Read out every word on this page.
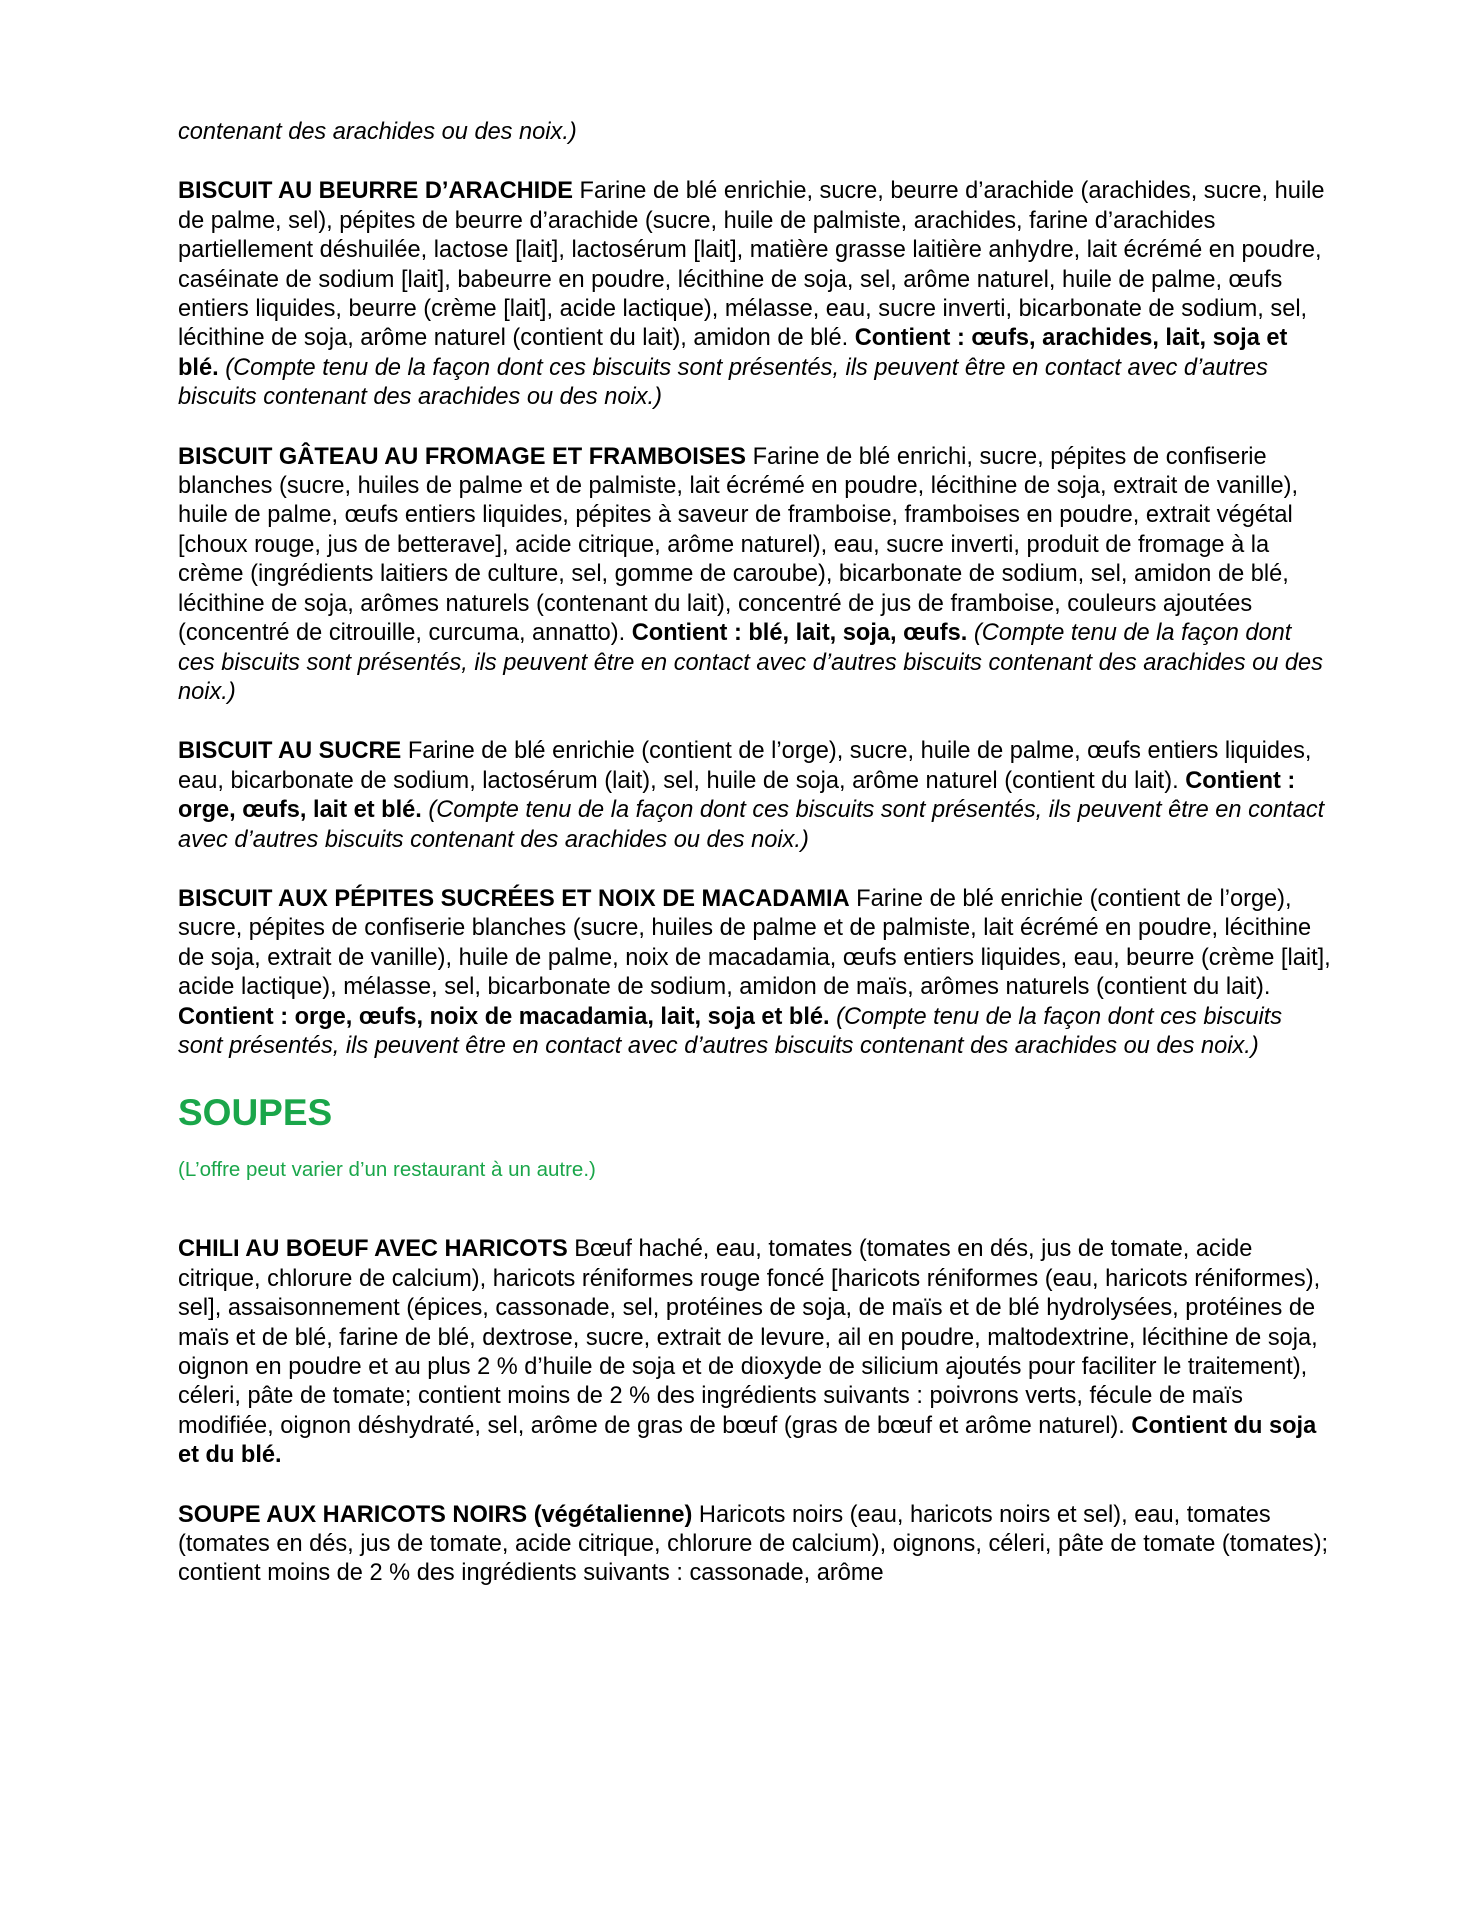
contenant des arachides ou des noix.)

BISCUIT AU BEURRE D’ARACHIDE Farine de blé enrichie, sucre, beurre d’arachide (arachides, sucre, huile de palme, sel), pépites de beurre d’arachide (sucre, huile de palmiste, arachides, farine d’arachides partiellement déshuilée, lactose [lait], lactosérum [lait], matière grasse laitière anhydre, lait écrémé en poudre, caséinate de sodium [lait], babeurre en poudre, lécithine de soja, sel, arôme naturel, huile de palme, œufs entiers liquides, beurre (crème [lait], acide lactique), mélasse, eau, sucre inverti, bicarbonate de sodium, sel, lécithine de soja, arôme naturel (contient du lait), amidon de blé. Contient : œufs, arachides, lait, soja et blé. (Compte tenu de la façon dont ces biscuits sont présentés, ils peuvent être en contact avec d’autres biscuits contenant des arachides ou des noix.)

BISCUIT GÂTEAU AU FROMAGE ET FRAMBOISES Farine de blé enrichi, sucre, pépites de confiserie blanches (sucre, huiles de palme et de palmiste, lait écrémé en poudre, lécithine de soja, extrait de vanille), huile de palme, œufs entiers liquides, pépites à saveur de framboise, framboises en poudre, extrait végétal [choux rouge, jus de betterave], acide citrique, arôme naturel), eau, sucre inverti, produit de fromage à la crème (ingrédients laitiers de culture, sel, gomme de caroube), bicarbonate de sodium, sel, amidon de blé, lécithine de soja, arômes naturels (contenant du lait), concentré de jus de framboise, couleurs ajoutées (concentré de citrouille, curcuma, annatto). Contient : blé, lait, soja, œufs. (Compte tenu de la façon dont ces biscuits sont présentés, ils peuvent être en contact avec d’autres biscuits contenant des arachides ou des noix.)

BISCUIT AU SUCRE Farine de blé enrichie (contient de l’orge), sucre, huile de palme, œufs entiers liquides, eau, bicarbonate de sodium, lactosérum (lait), sel, huile de soja, arôme naturel (contient du lait). Contient : orge, œufs, lait et blé. (Compte tenu de la façon dont ces biscuits sont présentés, ils peuvent être en contact avec d’autres biscuits contenant des arachides ou des noix.)

BISCUIT AUX PÉPITES SUCRÉES ET NOIX DE MACADAMIA Farine de blé enrichie (contient de l’orge), sucre, pépites de confiserie blanches (sucre, huiles de palme et de palmiste, lait écrémé en poudre, lécithine de soja, extrait de vanille), huile de palme, noix de macadamia, œufs entiers liquides, eau, beurre (crème [lait], acide lactique), mélasse, sel, bicarbonate de sodium, amidon de maïs, arômes naturels (contient du lait). Contient : orge, œufs, noix de macadamia, lait, soja et blé. (Compte tenu de la façon dont ces biscuits sont présentés, ils peuvent être en contact avec d’autres biscuits contenant des arachides ou des noix.)

SOUPES

(L’offre peut varier d’un restaurant à un autre.)

CHILI AU BOEUF AVEC HARICOTS Bœuf haché, eau, tomates (tomates en dés, jus de tomate, acide citrique, chlorure de calcium), haricots réniformes rouge foncé [haricots réniformes (eau, haricots réniformes), sel], assaisonnement (épices, cassonade, sel, protéines de soja, de maïs et de blé hydrolysées, protéines de maïs et de blé, farine de blé, dextrose, sucre, extrait de levure, ail en poudre, maltodextrine, lécithine de soja, oignon en poudre et au plus 2 % d’huile de soja et de dioxyde de silicium ajoutés pour faciliter le traitement), céleri, pâte de tomate; contient moins de 2 % des ingrédients suivants : poivrons verts, fécule de maïs modifiée, oignon déshydraté, sel, arôme de gras de bœuf (gras de bœuf et arôme naturel). Contient du soja et du blé.

SOUPE AUX HARICOTS NOIRS (végétalienne) Haricots noirs (eau, haricots noirs et sel), eau, tomates (tomates en dés, jus de tomate, acide citrique, chlorure de calcium), oignons, céleri, pâte de tomate (tomates); contient moins de 2 % des ingrédients suivants : cassonade, arôme
